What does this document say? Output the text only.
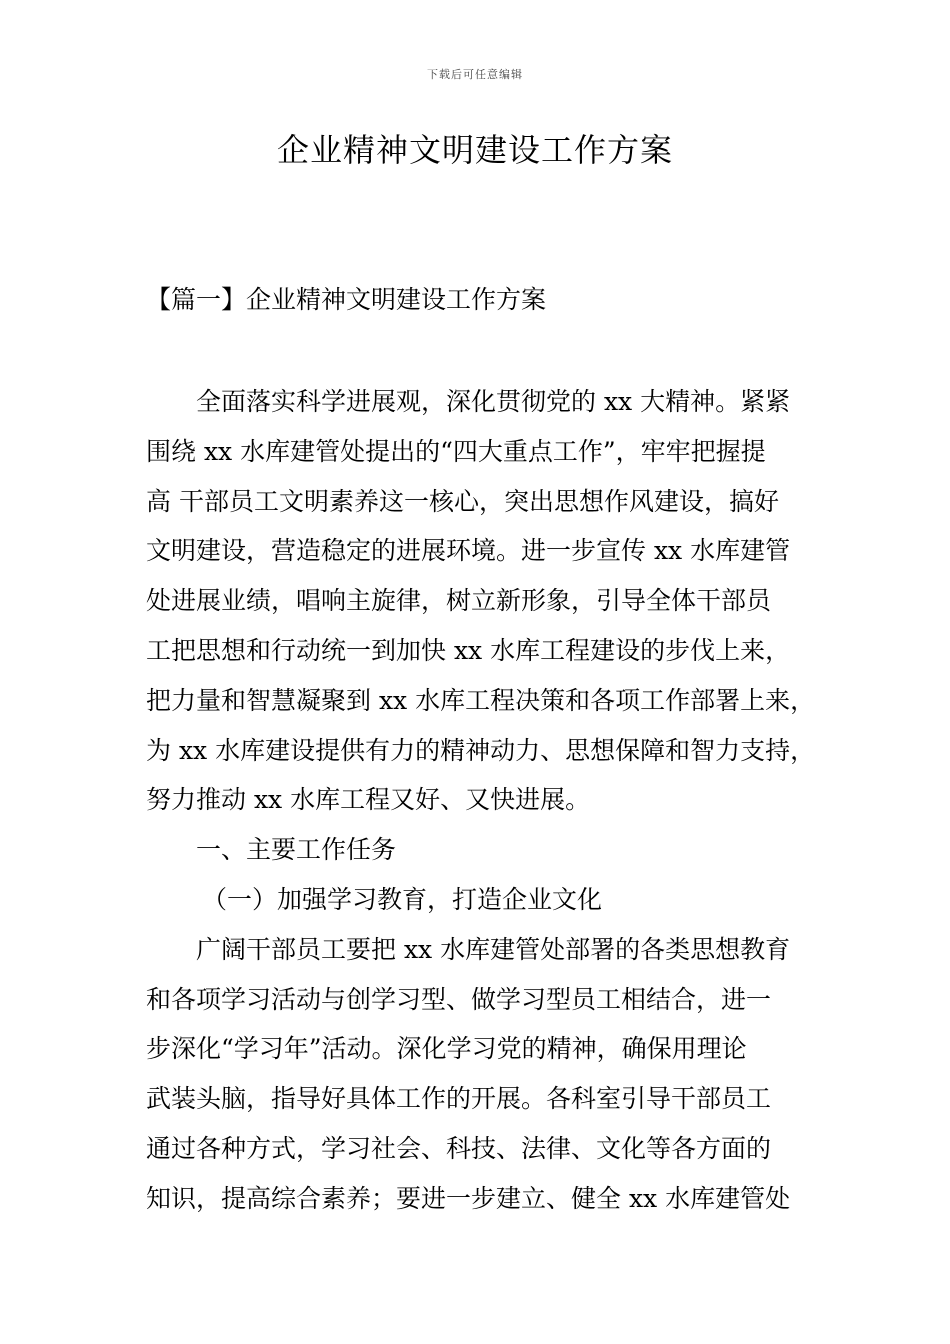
下载后可任意编辑
企业精神文明建设工作方案
【篇一】企业精神文明建设工作方案
全面落实科学进展观，深化贯彻党的 xx 大精神。紧紧
围绕 xx 水库建管处提出的“四大重点工作”，牢牢把握提
高 干部员工文明素养这一核心，突出思想作风建设，搞好
文明建设，营造稳定的进展环境。进一步宣传 xx 水库建管
处进展业绩，唱响主旋律，树立新形象，引导全体干部员
工把思想和行动统一到加快 xx 水库工程建设的步伐上来，
把力量和智慧凝聚到 xx 水库工程决策和各项工作部署上来，
为 xx 水库建设提供有力的精神动力、思想保障和智力支持，
努力推动 xx 水库工程又好、又快进展。
一、主要工作任务
（一）加强学习教育，打造企业文化
广阔干部员工要把 xx 水库建管处部署的各类思想教育
和各项学习活动与创学习型、做学习型员工相结合，进一
步深化“学习年”活动。深化学习党的精神，确保用理论
武装头脑，指导好具体工作的开展。各科室引导干部员工
通过各种方式，学习社会、科技、法律、文化等各方面的
知识，提高综合素养；要进一步建立、健全 xx 水库建管处
